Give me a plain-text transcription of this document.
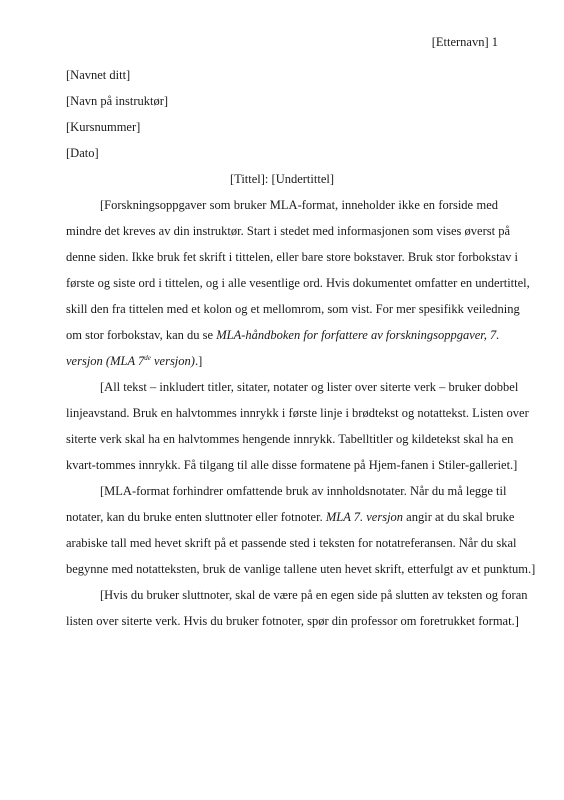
[Etternavn] 1
[Navnet ditt]
[Navn på instruktør]
[Kursnummer]
[Dato]
[Tittel]: [Undertittel]
[Forskningsoppgaver som bruker MLA-format, inneholder ikke en forside med
mindre det kreves av din instruktør. Start i stedet med informasjonen som vises øverst på
denne siden. Ikke bruk fet skrift i tittelen, eller bare store bokstaver. Bruk stor forbokstav i
første og siste ord i tittelen, og i alle vesentlige ord. Hvis dokumentet omfatter en undertittel,
skill den fra tittelen med et kolon og et mellomrom, som vist. For mer spesifikk veiledning
om stor forbokstav, kan du se MLA-håndboken for forfattere av forskningsoppgaver, 7.
versjon (MLA 7de versjon).]
[All tekst – inkludert titler, sitater, notater og lister over siterte verk – bruker dobbel
linjeavstand. Bruk en halvtommes innrykk i første linje i brødtekst og notattekst. Listen over
siterte verk skal ha en halvtommes hengende innrykk. Tabelltitler og kildetekst skal ha en
kvart-tommes innrykk. Få tilgang til alle disse formatene på Hjem-fanen i Stiler-galleriet.]
[MLA-format forhindrer omfattende bruk av innholdsnotater. Når du må legge til
notater, kan du bruke enten sluttnoter eller fotnoter. MLA 7. versjon angir at du skal bruke
arabiske tall med hevet skrift på et passende sted i teksten for notatreferansen. Når du skal
begynne med notatteksten, bruk de vanlige tallene uten hevet skrift, etterfulgt av et punktum.]
[Hvis du bruker sluttnoter, skal de være på en egen side på slutten av teksten og foran
listen over siterte verk. Hvis du bruker fotnoter, spør din professor om foretrukket format.]
